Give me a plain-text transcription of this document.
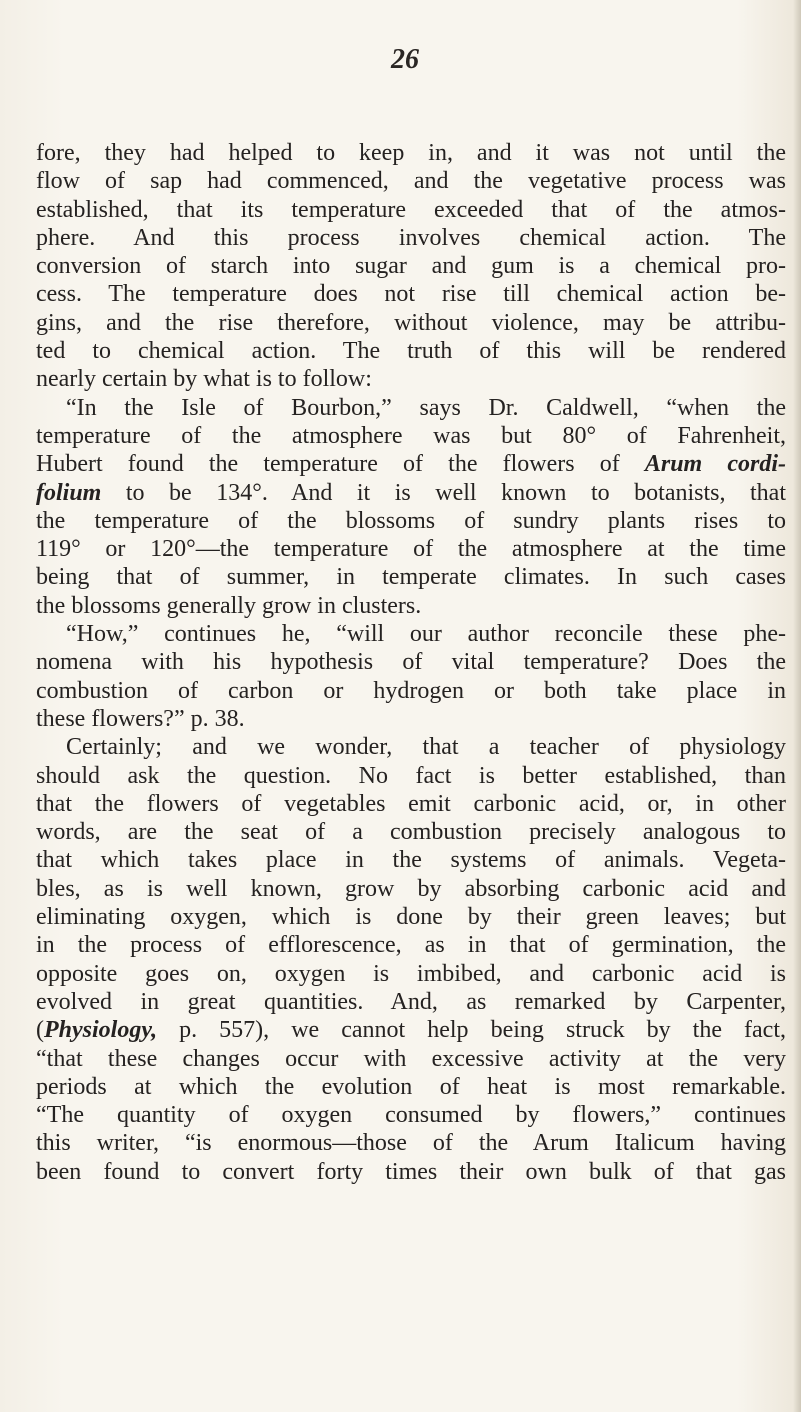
26
fore, they had helped to keep in, and it was not until the
flow of sap had commenced, and the vegetative process was
established, that its temperature exceeded that of the atmos-
phere. And this process involves chemical action. The
conversion of starch into sugar and gum is a chemical pro-
cess. The temperature does not rise till chemical action be-
gins, and the rise therefore, without violence, may be attribu-
ted to chemical action. The truth of this will be rendered
nearly certain by what is to follow:
“In the Isle of Bourbon,” says Dr. Caldwell, “when the
temperature of the atmosphere was but 80° of Fahrenheit,
Hubert found the temperature of the flowers of Arum cordi-
folium to be 134°. And it is well known to botanists, that
the temperature of the blossoms of sundry plants rises to
119° or 120°—the temperature of the atmosphere at the time
being that of summer, in temperate climates. In such cases
the blossoms generally grow in clusters.
“How,” continues he, “will our author reconcile these phe-
nomena with his hypothesis of vital temperature? Does the
combustion of carbon or hydrogen or both take place in
these flowers?” p. 38.
Certainly; and we wonder, that a teacher of physiology
should ask the question. No fact is better established, than
that the flowers of vegetables emit carbonic acid, or, in other
words, are the seat of a combustion precisely analogous to
that which takes place in the systems of animals. Vegeta-
bles, as is well known, grow by absorbing carbonic acid and
eliminating oxygen, which is done by their green leaves; but
in the process of efflorescence, as in that of germination, the
opposite goes on, oxygen is imbibed, and carbonic acid is
evolved in great quantities. And, as remarked by Carpenter,
(Physiology, p. 557), we cannot help being struck by the fact,
“that these changes occur with excessive activity at the very
periods at which the evolution of heat is most remarkable.
“The quantity of oxygen consumed by flowers,” continues
this writer, “is enormous—those of the Arum Italicum having
been found to convert forty times their own bulk of that gas
